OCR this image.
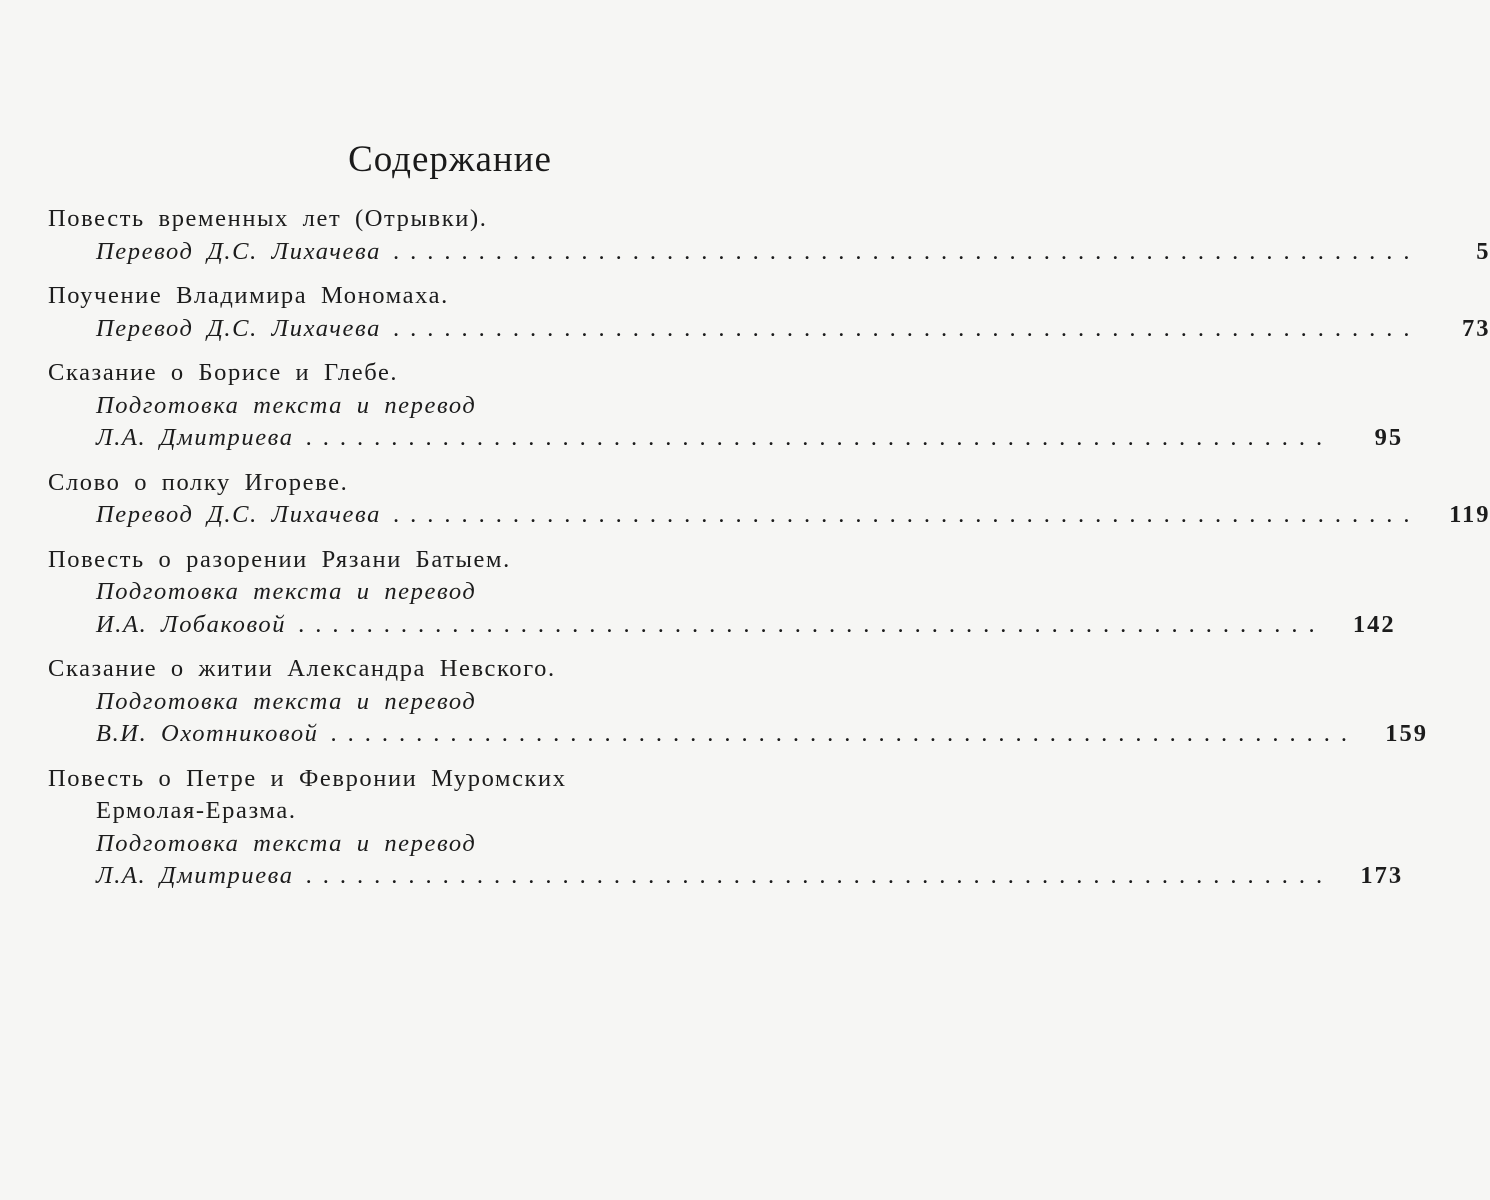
Содержание
Повесть временных лет (Отрывки).
Перевод Д.С. Лихачева ............................................................	5
Поучение Владимира Мономаха.
Перевод Д.С. Лихачева ............................................................	73
Сказание о Борисе и Глебе.
Подготовка текста и перевод
Л.А. Дмитриева ............................................................	95
Слово о полку Игореве.
Перевод Д.С. Лихачева ............................................................	119
Повесть о разорении Рязани Батыем.
Подготовка текста и перевод
И.А. Лобаковой ............................................................	142
Сказание о житии Александра Невского.
Подготовка текста и перевод
В.И. Охотниковой ............................................................	159
Повесть о Петре и Февронии Муромских
Ермолая-Еразма.
Подготовка текста и перевод
Л.А. Дмитриева ............................................................	173
